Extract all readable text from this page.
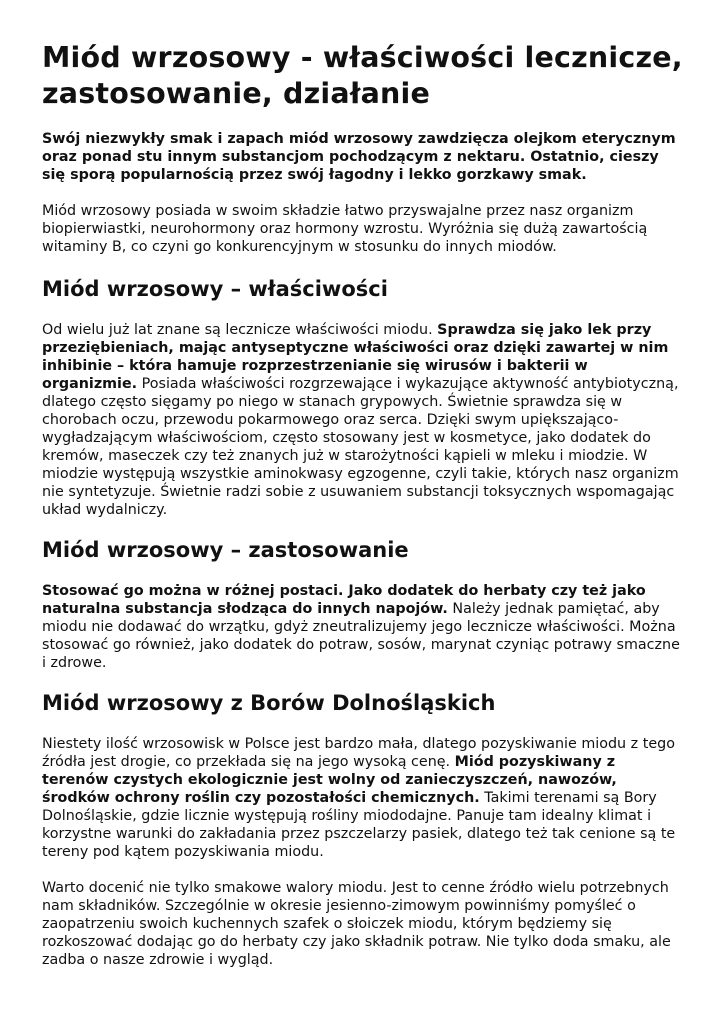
Miód wrzosowy - właściwości lecznicze, zastosowanie, działanie

Swój niezwykły smak i zapach miód wrzosowy zawdzięcza olejkom eterycznym oraz ponad stu innym substancjom pochodzącym z nektaru. Ostatnio, cieszy się sporą popularnością przez swój łagodny i lekko gorzkawy smak.

Miód wrzosowy posiada w swoim składzie łatwo przyswajalne przez nasz organizm biopierwiastki, neurohormony oraz hormony wzrostu. Wyróżnia się dużą zawartością witaminy B, co czyni go konkurencyjnym w stosunku do innych miodów.

Miód wrzosowy – właściwości

Od wielu już lat znane są lecznicze właściwości miodu. Sprawdza się jako lek przy przeziębieniach, mając antyseptyczne właściwości oraz dzięki zawartej w nim inhibinie – która hamuje rozprzestrzenianie się wirusów i bakterii w organizmie. Posiada właściwości rozgrzewające i wykazujące aktywność antybiotyczną, dlatego często sięgamy po niego w stanach grypowych. Świetnie sprawdza się w chorobach oczu, przewodu pokarmowego oraz serca. Dzięki swym upiększająco-wygładzającym właściwościom, często stosowany jest w kosmetyce, jako dodatek do kremów, maseczek czy też znanych już w starożytności kąpieli w mleku i miodzie. W miodzie występują wszystkie aminokwasy egzogenne, czyli takie, których nasz organizm nie syntetyzuje. Świetnie radzi sobie z usuwaniem substancji toksycznych wspomagając układ wydalniczy.

Miód wrzosowy – zastosowanie

Stosować go można w różnej postaci. Jako dodatek do herbaty czy też jako naturalna substancja słodząca do innych napojów. Należy jednak pamiętać, aby miodu nie dodawać do wrzątku, gdyż zneutralizujemy jego lecznicze właściwości. Można stosować go również, jako dodatek do potraw, sosów, marynat czyniąc potrawy smaczne i zdrowe.

Miód wrzosowy z Borów Dolnośląskich

Niestety ilość wrzosowisk w Polsce jest bardzo mała, dlatego pozyskiwanie miodu z tego źródła jest drogie, co przekłada się na jego wysoką cenę. Miód pozyskiwany z terenów czystych ekologicznie jest wolny od zanieczyszczeń, nawozów, środków ochrony roślin czy pozostałości chemicznych. Takimi terenami są Bory Dolnośląskie, gdzie licznie występują rośliny miododajne. Panuje tam idealny klimat i korzystne warunki do zakładania przez pszczelarzy pasiek, dlatego też tak cenione są te tereny pod kątem pozyskiwania miodu.

Warto docenić nie tylko smakowe walory miodu. Jest to cenne źródło wielu potrzebnych nam składników. Szczególnie w okresie jesienno-zimowym powinniśmy pomyśleć o zaopatrzeniu swoich kuchennych szafek o słoiczek miodu, którym będziemy się rozkoszować dodając go do herbaty czy jako składnik potraw. Nie tylko doda smaku, ale zadba o nasze zdrowie i wygląd.
